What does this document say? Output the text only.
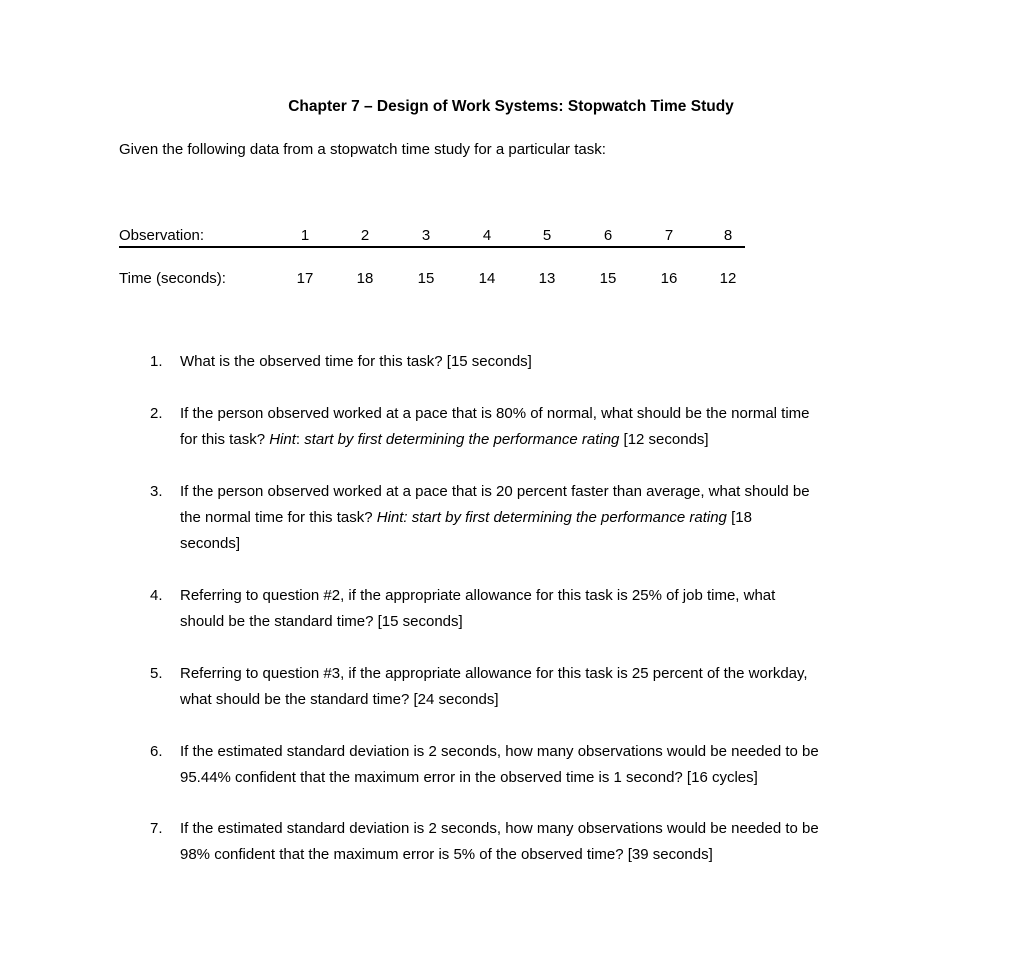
Chapter 7 – Design of Work Systems: Stopwatch Time Study
Given the following data from a stopwatch time study for a particular task:
Observation:
Time (seconds):
1
17
2
18
3
15
4
14
5
13
6
15
7
16
8
12
1. What is the observed time for this task? [15 seconds]
2. If the person observed worked at a pace that is 80% of normal, what should be the normal time
for this task? Hint: start by first determining the performance rating [12 seconds]
3. If the person observed worked at a pace that is 20 percent faster than average, what should be
the normal time for this task? Hint: start by first determining the performance rating [18
seconds]
4. Referring to question #2, if the appropriate allowance for this task is 25% of job time, what
should be the standard time? [15 seconds]
5. Referring to question #3, if the appropriate allowance for this task is 25 percent of the workday,
what should be the standard time? [24 seconds]
6. If the estimated standard deviation is 2 seconds, how many observations would be needed to be
95.44% confident that the maximum error in the observed time is 1 second? [16 cycles]
7. If the estimated standard deviation is 2 seconds, how many observations would be needed to be
98% confident that the maximum error is 5% of the observed time? [39 seconds]
